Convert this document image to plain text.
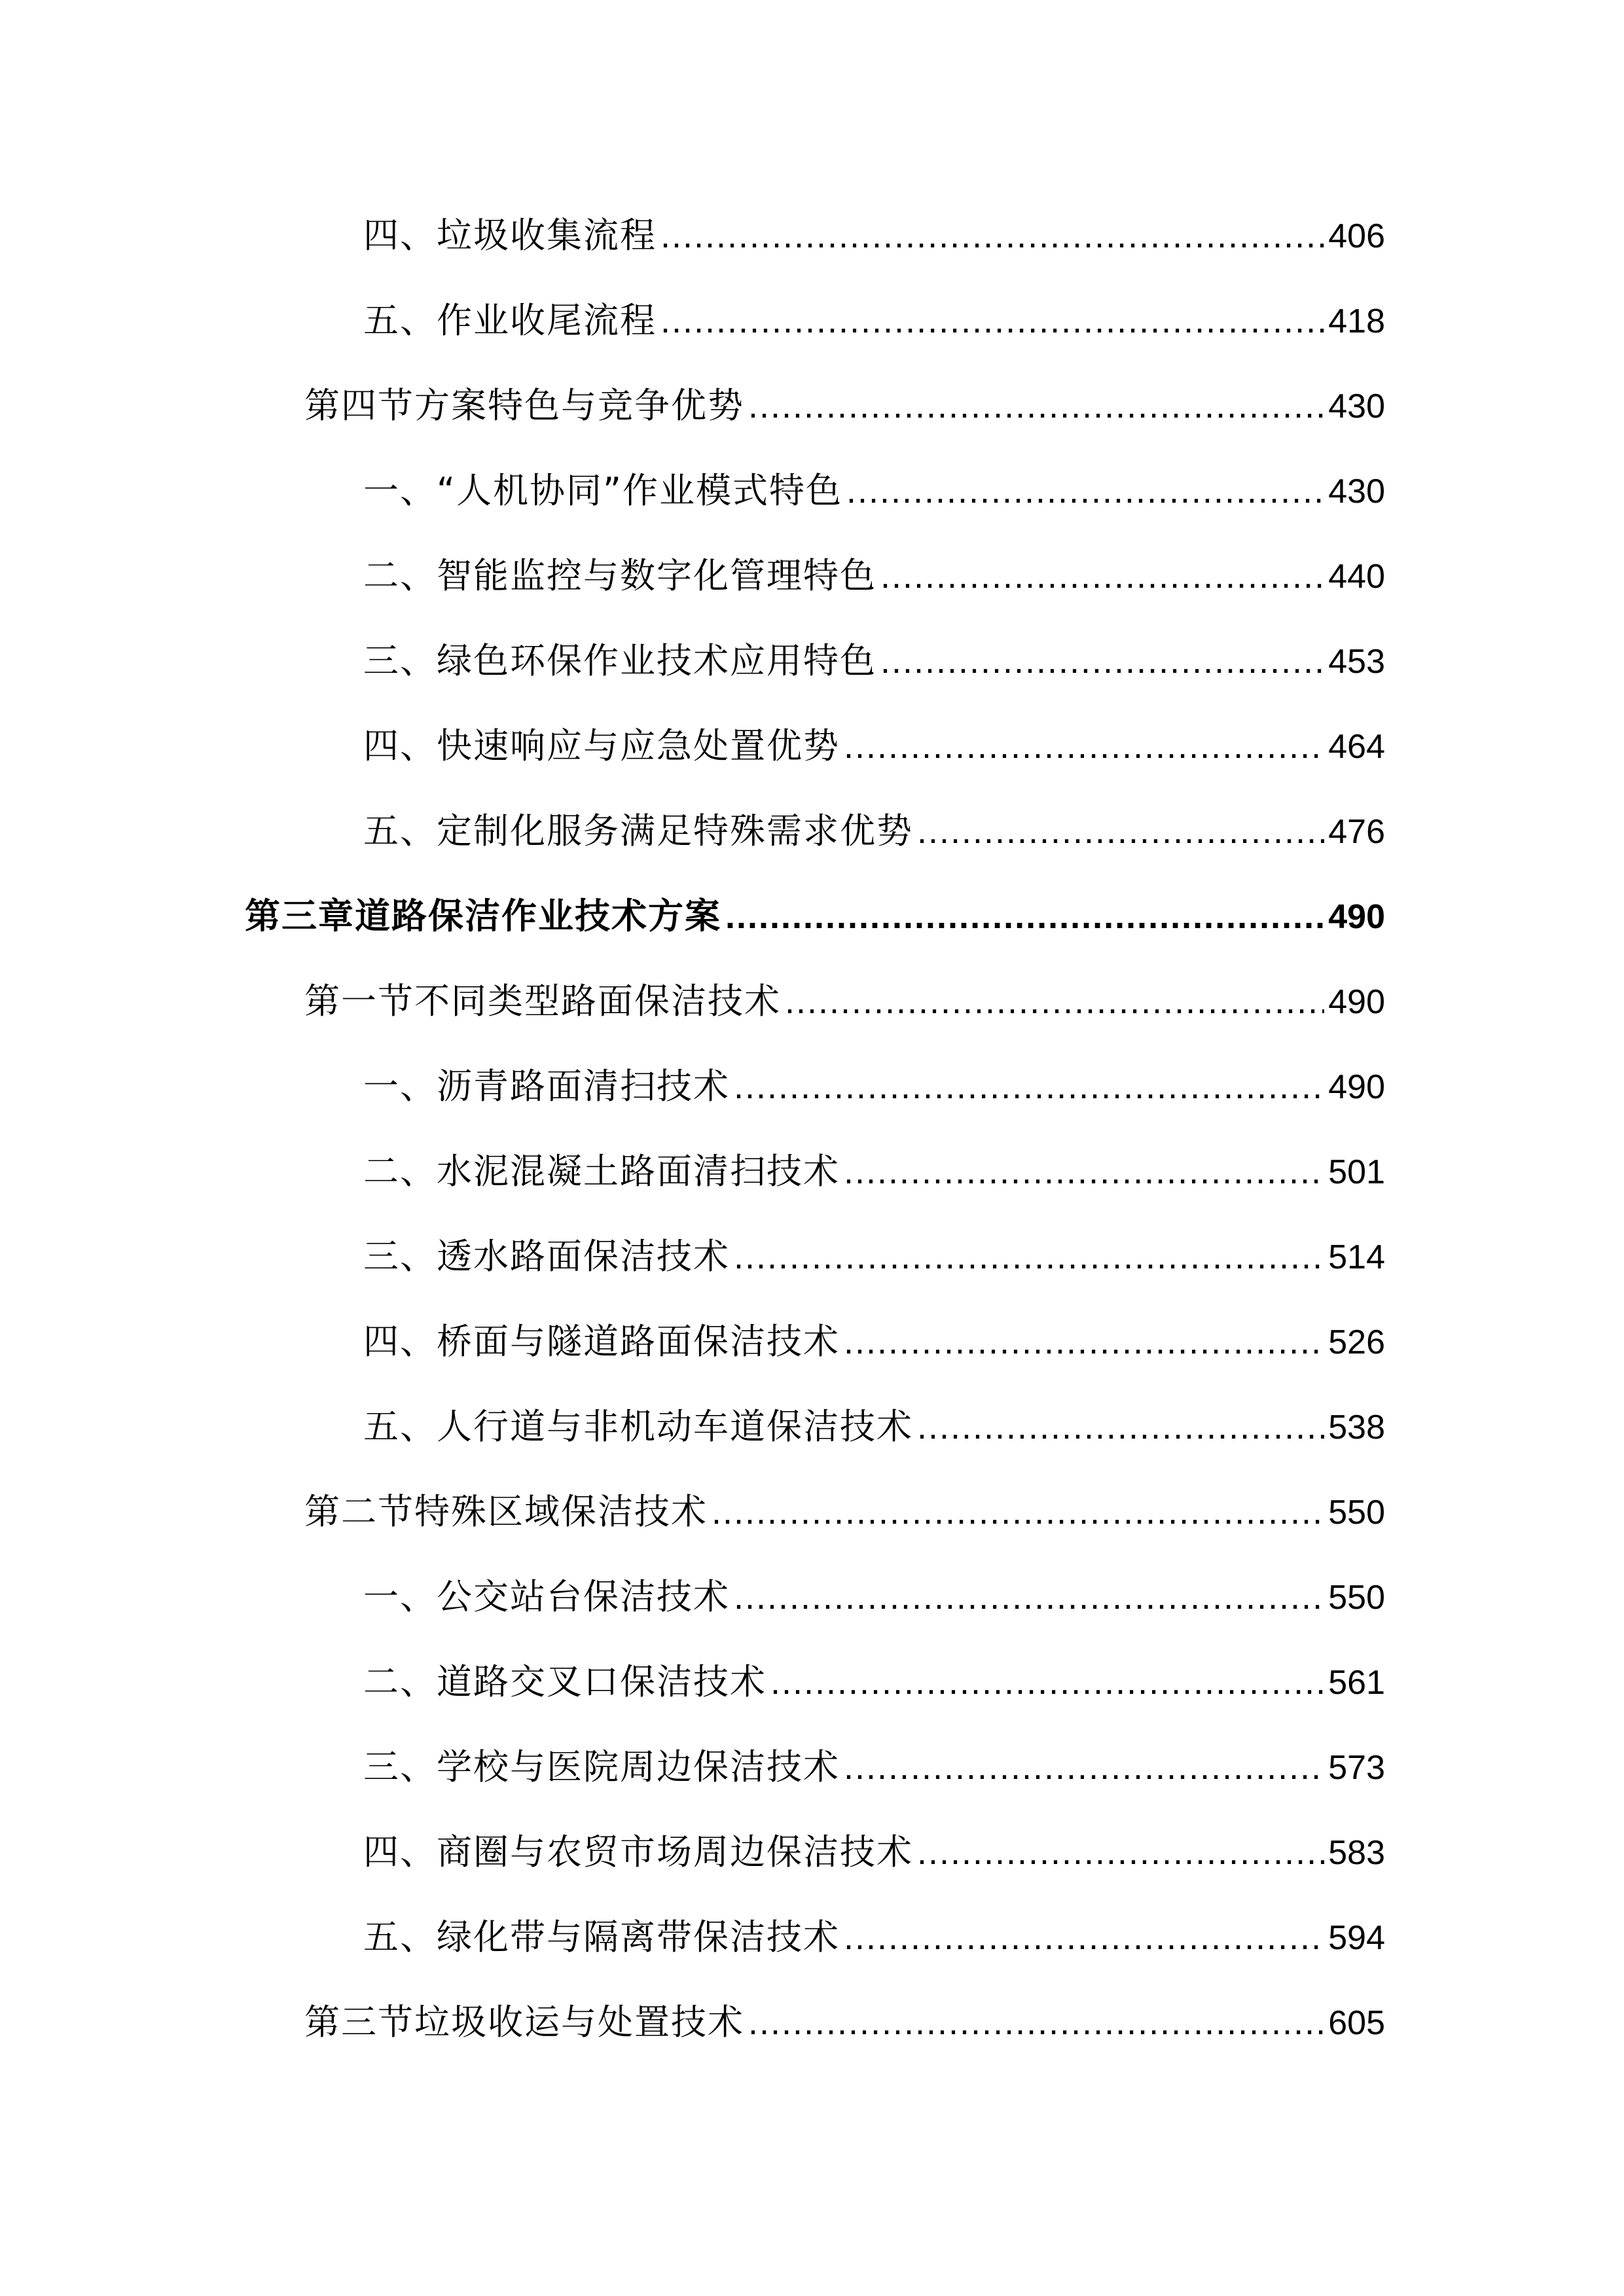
四、垃圾收集流程 .....	406
五、作业收尾流程 .....	418
第四节方案特色与竞争优势 .....	430
一、“人机协同”作业模式特色 .....	430
二、智能监控与数字化管理特色 .....	440
三、绿色环保作业技术应用特色 .....	453
四、快速响应与应急处置优势 .....	464
五、定制化服务满足特殊需求优势 .....	476
第三章道路保洁作业技术方案 .....	490
第一节不同类型路面保洁技术 .....	490
一、沥青路面清扫技术 .....	490
二、水泥混凝土路面清扫技术 .....	501
三、透水路面保洁技术 .....	514
四、桥面与隧道路面保洁技术 .....	526
五、人行道与非机动车道保洁技术 .....	538
第二节特殊区域保洁技术 .....	550
一、公交站台保洁技术 .....	550
二、道路交叉口保洁技术 .....	561
三、学校与医院周边保洁技术 .....	573
四、商圈与农贸市场周边保洁技术 .....	583
五、绿化带与隔离带保洁技术 .....	594
第三节垃圾收运与处置技术 .....	605
